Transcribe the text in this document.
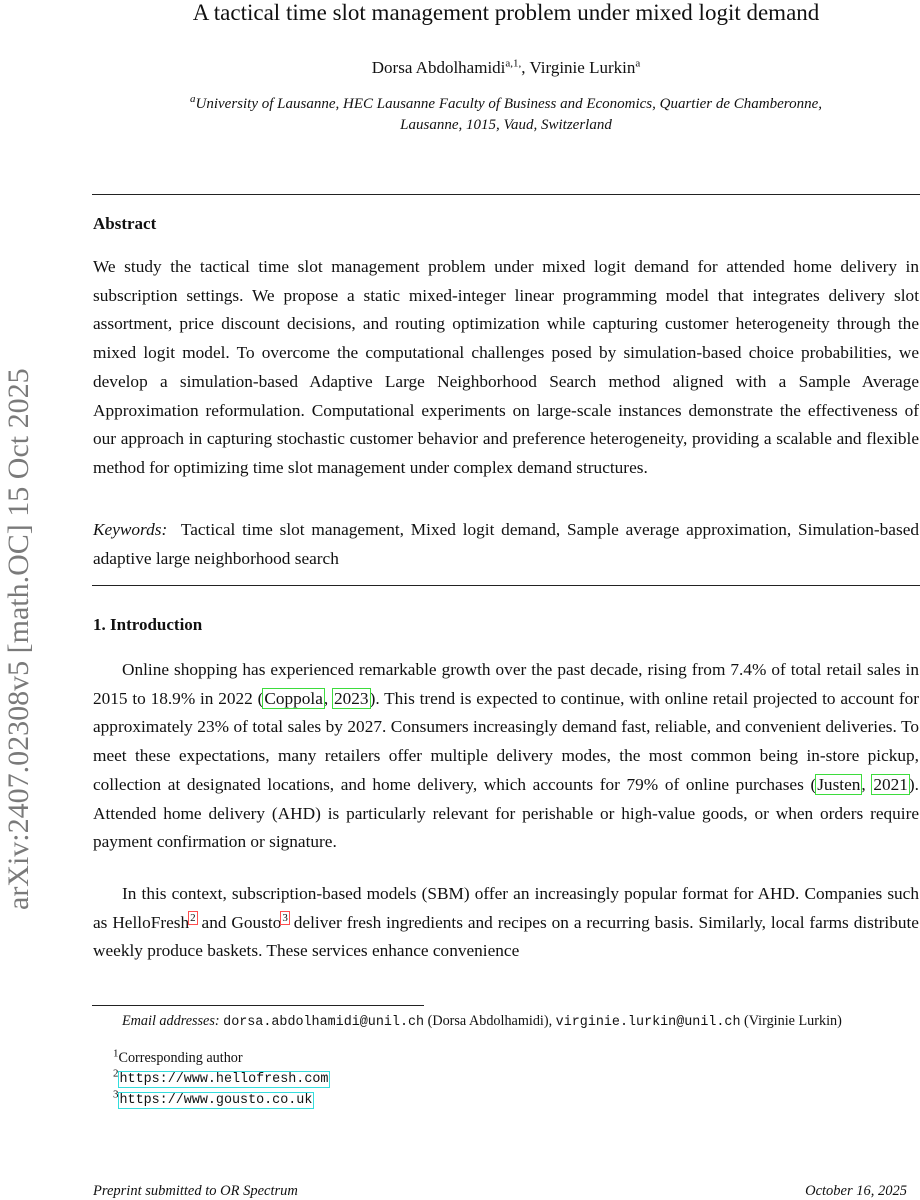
arXiv:2407.02308v5 [math.OC] 15 Oct 2025
A tactical time slot management problem under mixed logit demand
Dorsa Abdolhamidi$^{a,1,}$, Virginie Lurkin$^a$
$^a$University of Lausanne, HEC Lausanne Faculty of Business and Economics, Quartier de Chamberonne, Lausanne, 1015, Vaud, Switzerland
Abstract

We study the tactical time slot management problem under mixed logit demand for attended home delivery in subscription settings. We propose a static mixed-integer linear programming model that integrates delivery slot assortment, price discount decisions, and routing optimization while capturing customer heterogeneity through the mixed logit model. To overcome the computational challenges posed by simulation-based choice probabilities, we develop a simulation-based Adaptive Large Neighborhood Search method aligned with a Sample Average Approximation reformulation. Computational experiments on large-scale instances demonstrate the effectiveness of our approach in capturing stochastic customer behavior and preference heterogeneity, providing a scalable and flexible method for optimizing time slot management under complex demand structures.

Keywords: Tactical time slot management, Mixed logit demand, Sample average approximation, Simulation-based adaptive large neighborhood search

1. Introduction

Online shopping has experienced remarkable growth over the past decade, rising from 7.4% of total retail sales in 2015 to 18.9% in 2022 (Coppola, 2023). This trend is expected to continue, with online retail projected to account for approximately 23% of total sales by 2027. Consumers increasingly demand fast, reliable, and convenient deliveries. To meet these expectations, many retailers offer multiple delivery modes, the most common being in-store pickup, collection at designated locations, and home delivery, which accounts for 79% of online purchases (Justen, 2021). Attended home delivery (AHD) is particularly relevant for perishable or high-value goods, or when orders require payment confirmation or signature.

In this context, subscription-based models (SBM) offer an increasingly popular format for AHD. Companies such as HelloFresh$^2$ and Gousto$^3$ deliver fresh ingredients and recipes on a recurring basis. Similarly, local farms distribute weekly produce baskets. These services enhance convenience

Email addresses: dorsa.abdolhamidi@unil.ch (Dorsa Abdolhamidi), virginie.lurkin@unil.ch (Virginie Lurkin)
$^1$Corresponding author
$^2$https://www.hellofresh.com
$^3$https://www.gousto.co.uk
Preprint submitted to OR Spectrum	October 16, 2025
